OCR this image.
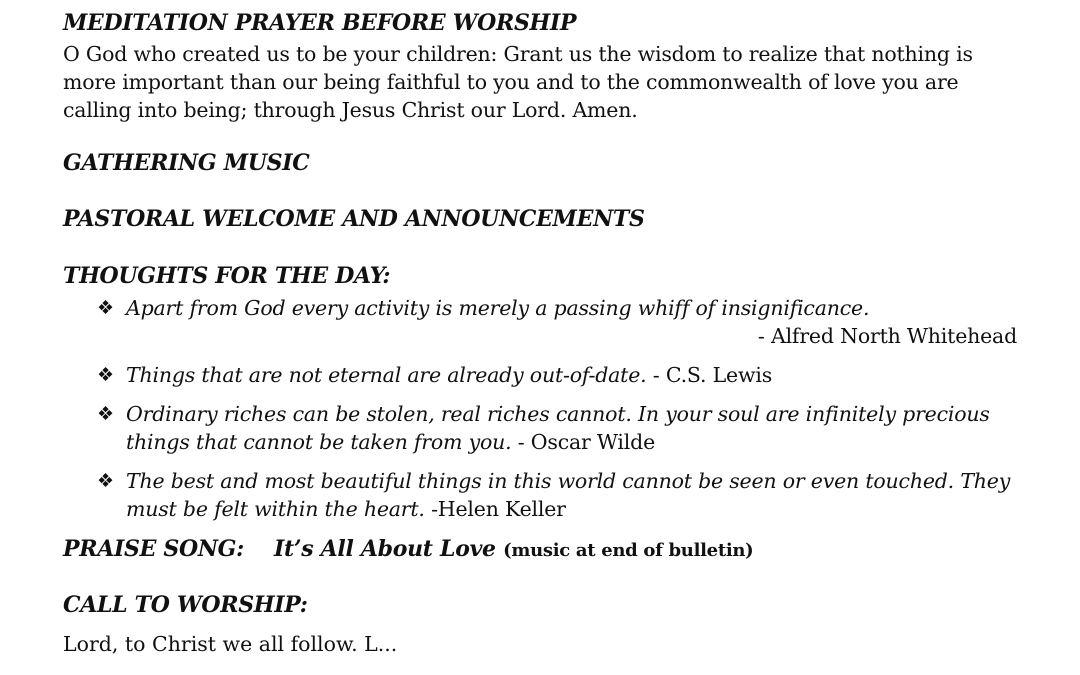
MEDITATION PRAYER BEFORE WORSHIP

O God who created us to be your children: Grant us the wisdom to realize that nothing is more important than our being faithful to you and to the commonwealth of love you are calling into being; through Jesus Christ our Lord. Amen.

GATHERING MUSIC
PASTORAL WELCOME AND ANNOUNCEMENTS
THOUGHTS FOR THE DAY:
❖ Apart from God every activity is merely a passing whiff of insignificance.
- Alfred North Whitehead
❖ Things that are not eternal are already out-of-date. - C.S. Lewis
❖ Ordinary riches can be stolen, real riches cannot. In your soul are infinitely precious things that cannot be taken from you. - Oscar Wilde
❖ The best and most beautiful things in this world cannot be seen or even touched. They must be felt within the heart. -Helen Keller
PRAISE SONG: It’s All About Love (music at end of bulletin)
CALL TO WORSHIP:

Lord, to Christ we all follow. L...
